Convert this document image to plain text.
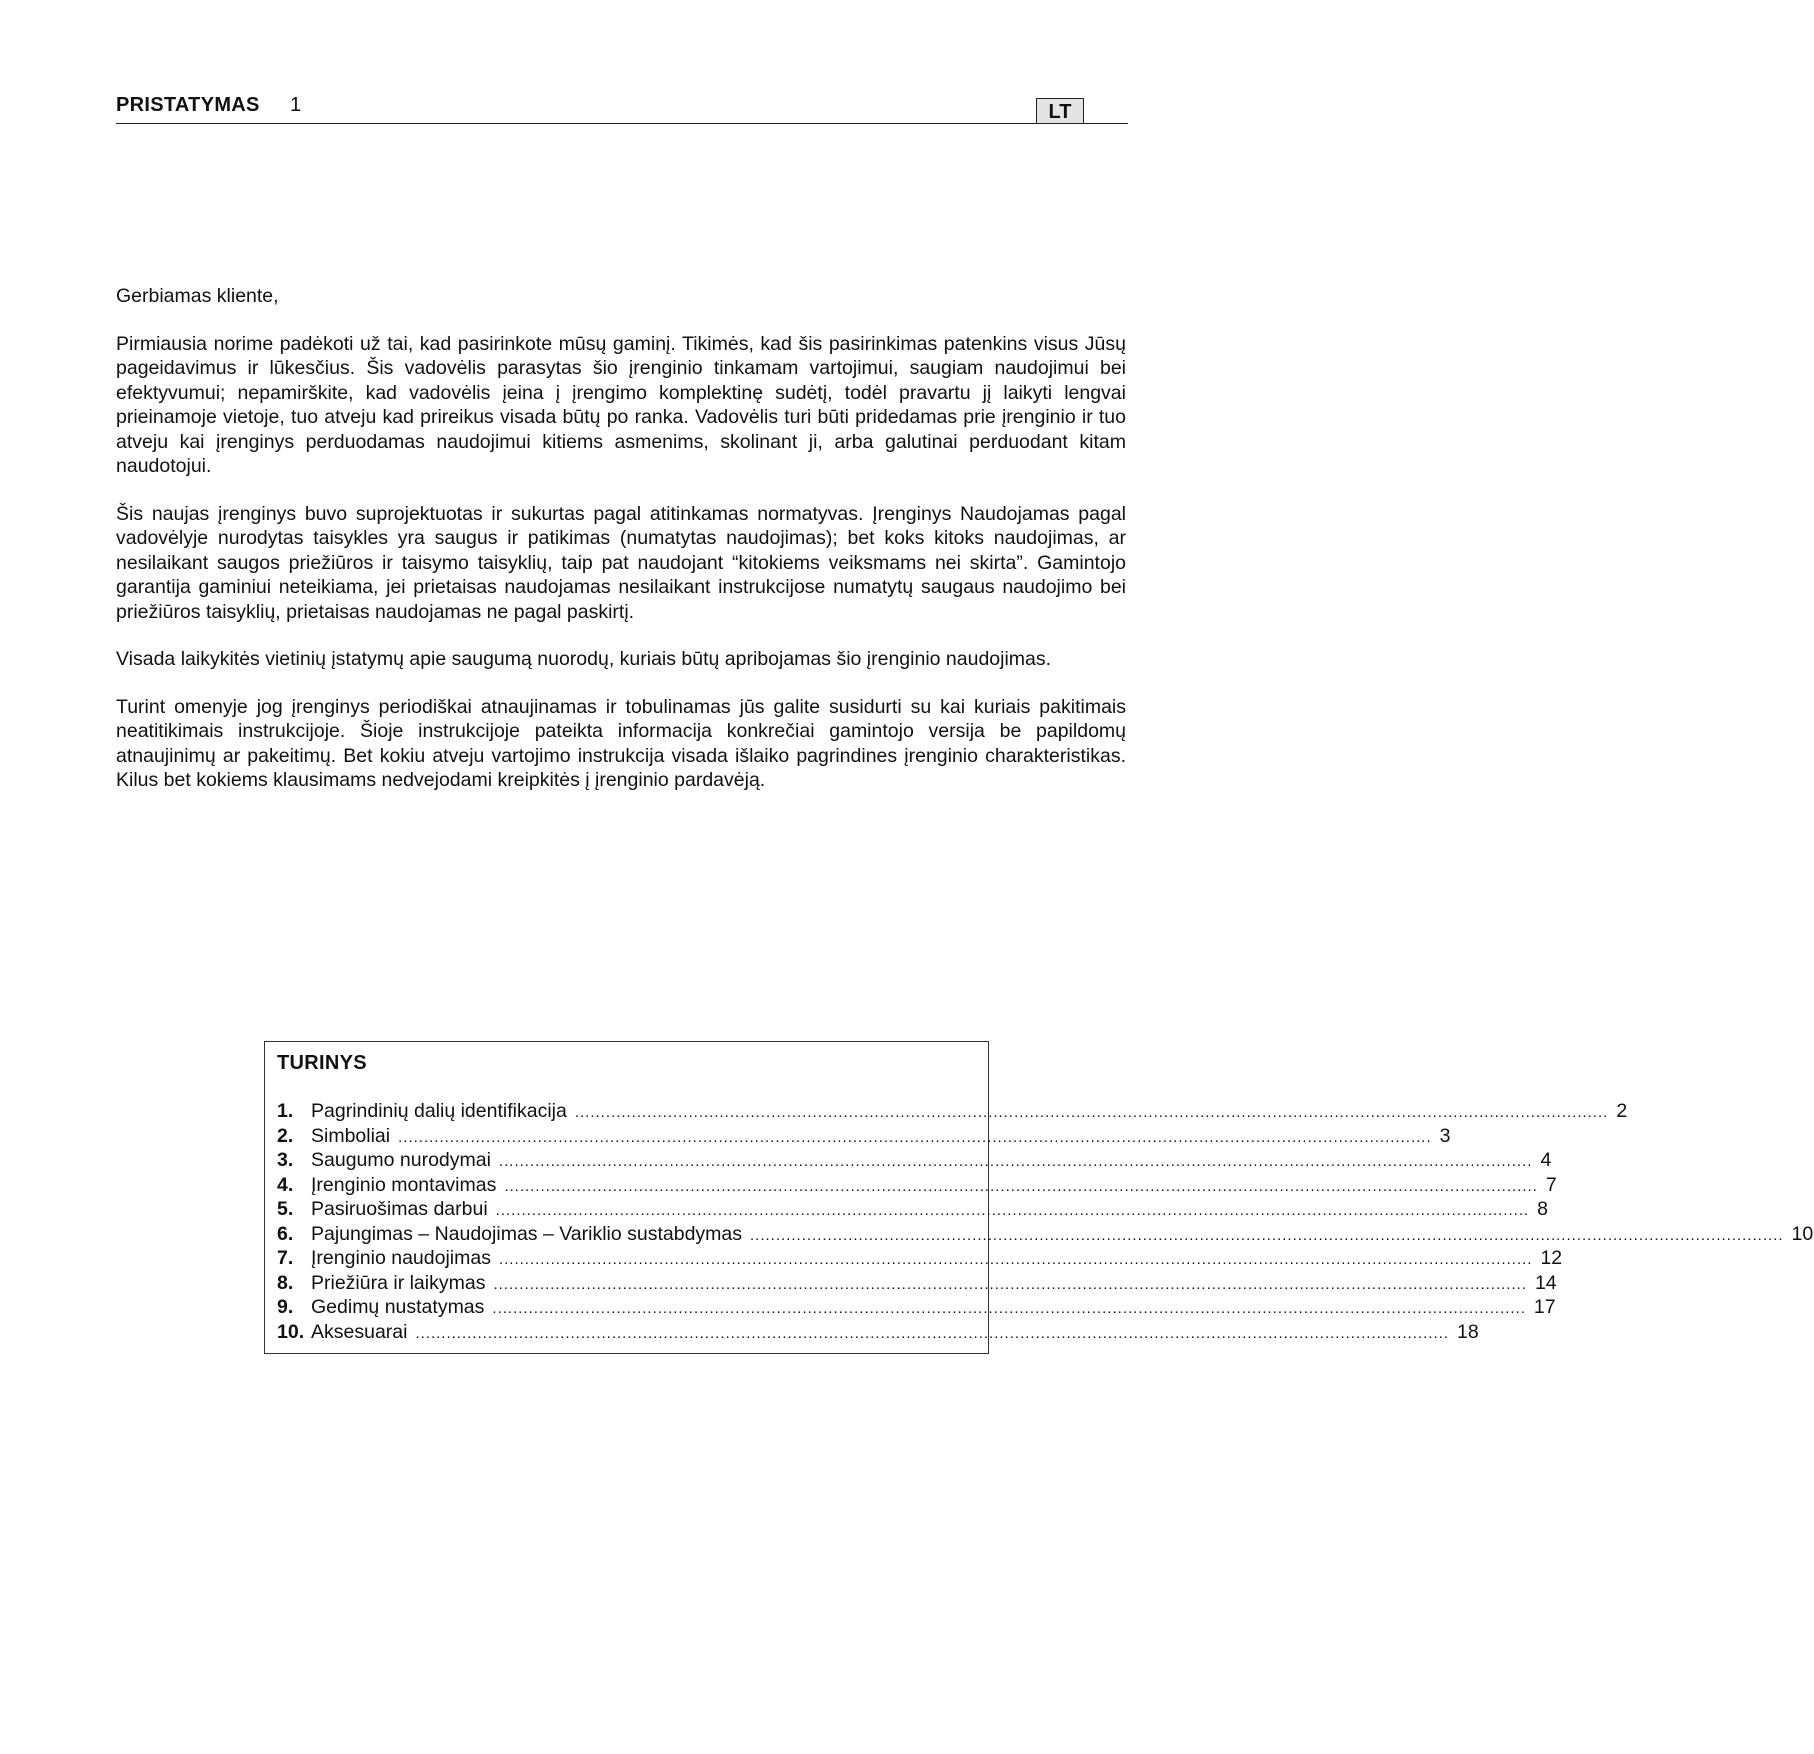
PRISTATYMAS 1	LT

Gerbiamas kliente,

Pirmiausia norime padėkoti už tai, kad pasirinkote mūsų gaminį. Tikimės, kad šis pasirinkimas patenkins visus Jūsų pageidavimus ir lūkesčius. Šis vadovėlis parasytas šio įrenginio tinkamam vartojimui, saugiam naudojimui bei efektyvumui; nepamirškite, kad vadovėlis įeina į įrengimo komplektinę sudėtį, todėl pravartu jį laikyti lengvai prieinamoje vietoje, tuo atveju kad prireikus visada būtų po ranka. Vadovėlis turi būti pridedamas prie įrenginio ir tuo atveju kai įrenginys perduodamas naudojimui kitiems asmenims, skolinant ji, arba galutinai perduodant kitam naudotojui.

Šis naujas įrenginys buvo suprojektuotas ir sukurtas pagal atitinkamas normatyvas. Įrenginys Naudojamas pagal vadovėlyje nurodytas taisykles yra saugus ir patikimas (numatytas naudojimas); bet koks kitoks naudojimas, ar nesilaikant saugos priežiūros ir taisymo taisyklių, taip pat naudojant “kitokiems veiksmams nei skirta”. Gamintojo garantija gaminiui neteikiama, jei prietaisas naudojamas nesilaikant instrukcijose numatytų saugaus naudojimo bei priežiūros taisyklių, prietaisas naudojamas ne pagal paskirtį.

Visada laikykitės vietinių įstatymų apie saugumą nuorodų, kuriais būtų apribojamas šio įrenginio naudojimas.

Turint omenyje jog įrenginys periodiškai atnaujinamas ir tobulinamas jūs galite susidurti su kai kuriais pakitimais neatitikimais instrukcijoje. Šioje instrukcijoje pateikta informacija konkrečiai gamintojo versija be papildomų atnaujinimų ar pakeitimų. Bet kokiu atveju vartojimo instrukcija visada išlaiko pagrindines įrenginio charakteristikas. Kilus bet kokiems klausimams nedvejodami kreipkitės į įrenginio pardavėją.

TURINYS
1. Pagrindinių dalių identifikacija ........................................................................................................................................................................................................ 2
2. Simboliai ........................................................................................................................................................................................................ 3
3. Saugumo nurodymai ........................................................................................................................................................................................................ 4
4. Įrenginio montavimas ........................................................................................................................................................................................................ 7
5. Pasiruošimas darbui ........................................................................................................................................................................................................ 8
6. Pajungimas – Naudojimas – Variklio sustabdymas ........................................................................................................................................................................................................ 10
7. Įrenginio naudojimas ........................................................................................................................................................................................................ 12
8. Priežiūra ir laikymas ........................................................................................................................................................................................................ 14
9. Gedimų nustatymas ........................................................................................................................................................................................................ 17
10. Aksesuarai ........................................................................................................................................................................................................ 18
